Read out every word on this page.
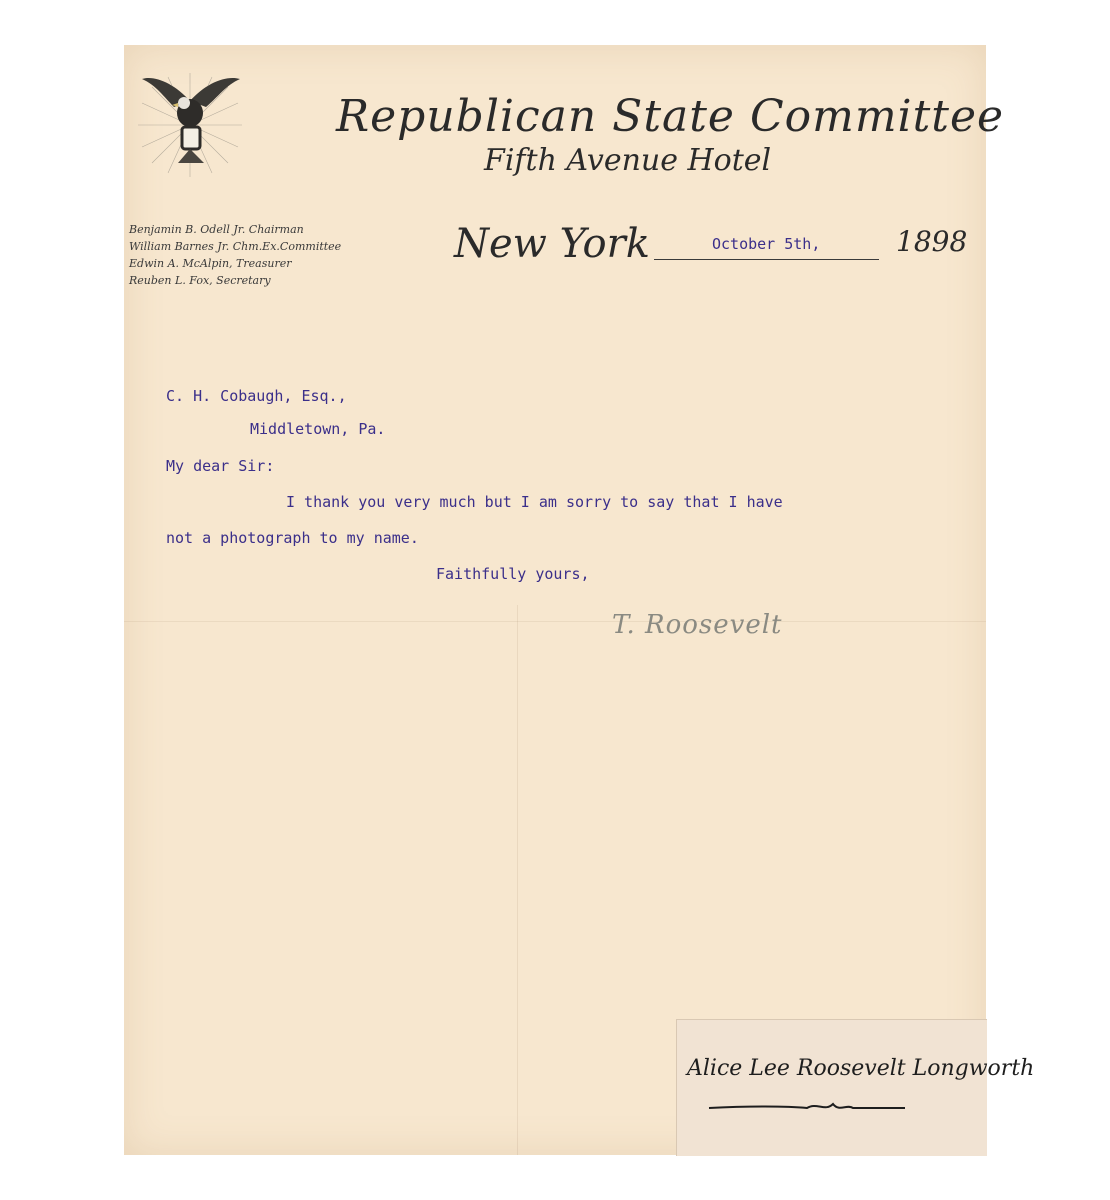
Republican State Committee
Fifth Avenue Hotel
New York	October 5th,	1898
Benjamin B. Odell Jr. Chairman
William Barnes Jr. Chm.Ex.Committee
Edwin A. McAlpin, Treasurer
Reuben L. Fox, Secretary
C. H. Cobaugh, Esq.,
Middletown, Pa.
My dear Sir:
I thank you very much but I am sorry to say that I have
not a photograph to my name.
Faithfully yours,
T. Roosevelt
Alice Lee Roosevelt Longworth
